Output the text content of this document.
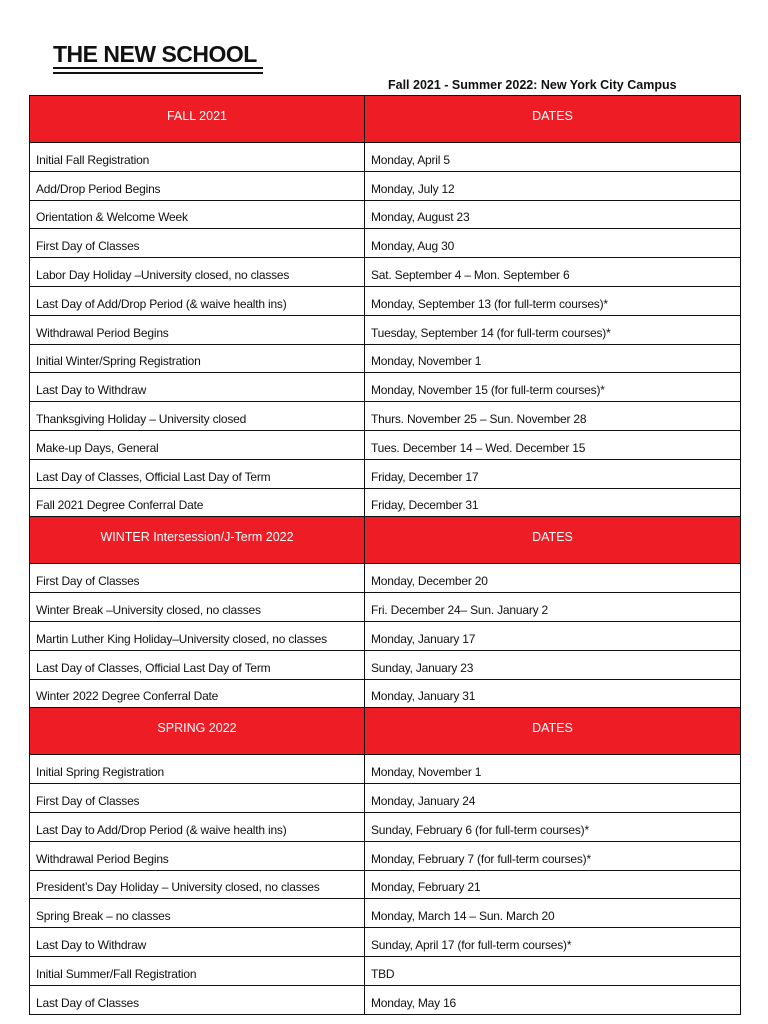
THE NEW SCHOOL
Fall 2021 - Summer 2022: New York City Campus
FALL 2021	DATES

Initial Fall Registration	Monday, April 5

Add/Drop Period Begins	Monday, July 12

Orientation & Welcome Week	Monday, August 23

First Day of Classes	Monday, Aug 30

Labor Day Holiday –University closed, no classes	Sat. September 4 – Mon. September 6

Last Day of Add/Drop Period (& waive health ins)	Monday, September 13 (for full-term courses)*

Withdrawal Period Begins	Tuesday, September 14 (for full-term courses)*

Initial Winter/Spring Registration	Monday, November 1

Last Day to Withdraw	Monday, November 15 (for full-term courses)*

Thanksgiving Holiday – University closed	Thurs. November 25 – Sun. November 28

Make-up Days, General	Tues. December 14 – Wed. December 15

Last Day of Classes, Official Last Day of Term	Friday, December 17

Fall 2021 Degree Conferral Date	Friday, December 31

WINTER Intersession/J-Term 2022	DATES

First Day of Classes	Monday, December 20

Winter Break –University closed, no classes	Fri. December 24– Sun. January 2

Martin Luther King Holiday–University closed, no classes	Monday, January 17

Last Day of Classes, Official Last Day of Term	Sunday, January 23

Winter 2022 Degree Conferral Date	Monday, January 31

SPRING 2022	DATES

Initial Spring Registration	Monday, November 1

First Day of Classes	Monday, January 24

Last Day to Add/Drop Period (& waive health ins)	Sunday, February 6 (for full-term courses)*

Withdrawal Period Begins	Monday, February 7 (for full-term courses)*

President’s Day Holiday – University closed, no classes	Monday, February 21

Spring Break – no classes	Monday, March 14 – Sun. March 20

Last Day to Withdraw	Sunday, April 17 (for full-term courses)*

Initial Summer/Fall Registration	TBD

Last Day of Classes	Monday, May 16
